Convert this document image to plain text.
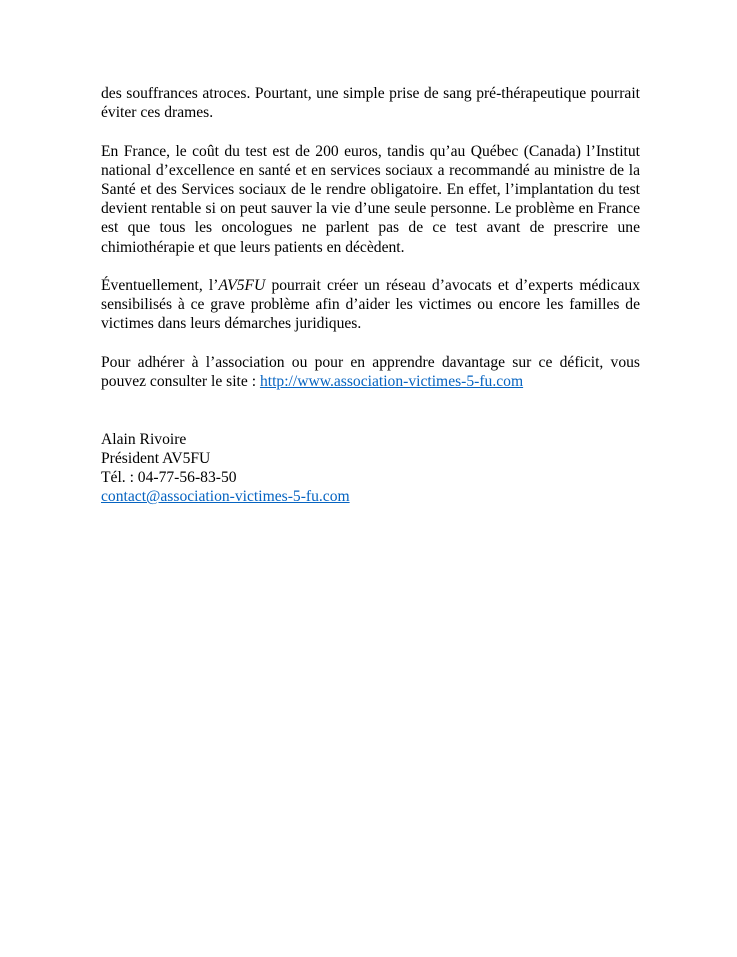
des souffrances atroces. Pourtant, une simple prise de sang pré-thérapeutique pourrait éviter ces drames.

En France, le coût du test est de 200 euros, tandis qu’au Québec (Canada) l’Institut national d’excellence en santé et en services sociaux a recommandé au ministre de la Santé et des Services sociaux de le rendre obligatoire. En effet, l’implantation du test devient rentable si on peut sauver la vie d’une seule personne. Le problème en France est que tous les oncologues ne parlent pas de ce test avant de prescrire une chimiothérapie et que leurs patients en décèdent.

Éventuellement, l’AV5FU pourrait créer un réseau d’avocats et d’experts médicaux sensibilisés à ce grave problème afin d’aider les victimes ou encore les familles de victimes dans leurs démarches juridiques.

Pour adhérer à l’association ou pour en apprendre davantage sur ce déficit, vous pouvez consulter le site : http://www.association-victimes-5-fu.com

Alain Rivoire
Président AV5FU
Tél. : 04-77-56-83-50
contact@association-victimes-5-fu.com
